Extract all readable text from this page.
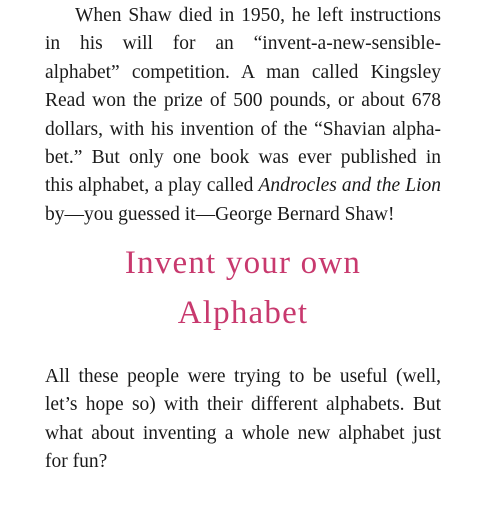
When Shaw died in 1950, he left instructions
in his will for an “invent-a-new-sensible-
alphabet” competition. A man called Kingsley
Read won the prize of 500 pounds, or about 678
dollars, with his invention of the “Shavian alpha-
bet.” But only one book was ever published in
this alphabet, a play called Androcles and the Lion
by—you guessed it—George Bernard Shaw!

Invent your own
Alphabet

All these people were trying to be useful (well,
let’s hope so) with their different alphabets. But
what about inventing a whole new alphabet just
for fun?
